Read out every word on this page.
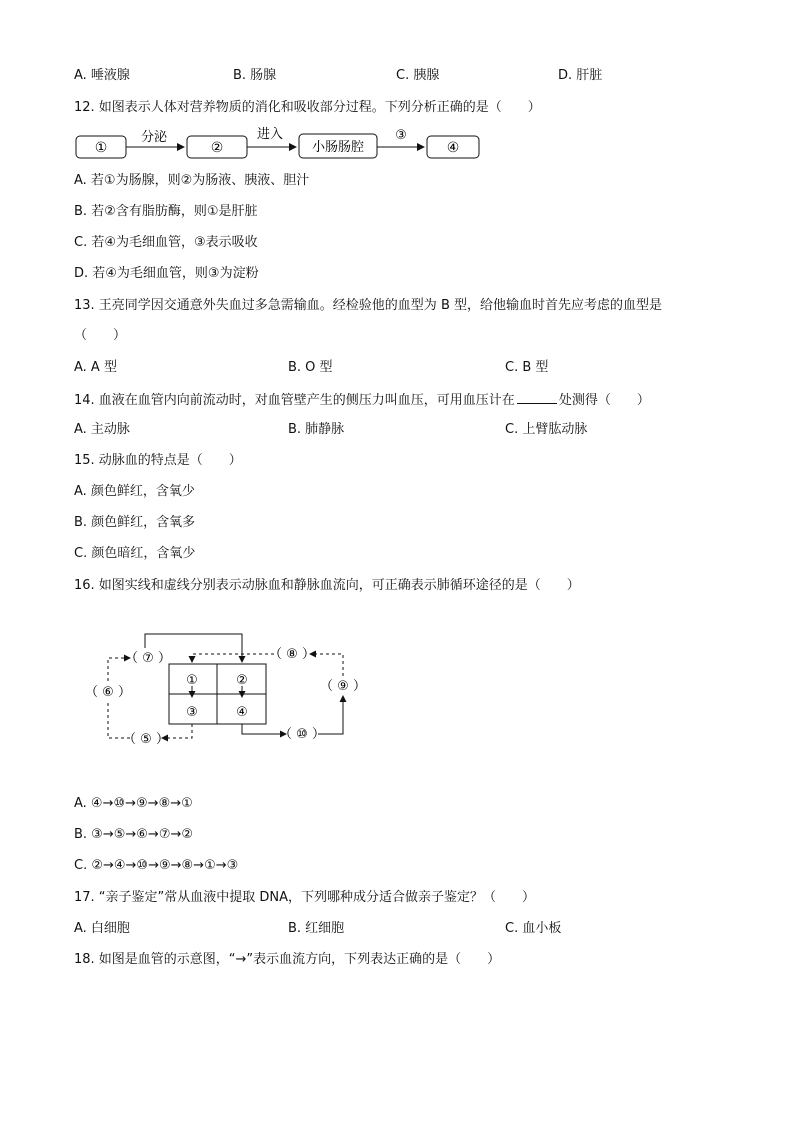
A. 唾液腺	B. 肠腺	C. 胰腺	D. 肝脏
12. 如图表示人体对营养物质的消化和吸收部分过程。下列分析正确的是（　　）
①
分泌
②
进入
小肠肠腔
③
④
A. 若①为肠腺，则②为肠液、胰液、胆汁
B. 若②含有脂肪酶，则①是肝脏
C. 若④为毛细血管，③表示吸收
D. 若④为毛细血管，则③为淀粉
13. 王亮同学因交通意外失血过多急需输血。经检验他的血型为 B 型，给他输血时首先应考虑的血型是
（　　）
A. A 型	B. O 型	C. B 型
14. 血液在血管内向前流动时，对血管壁产生的侧压力叫血压，可用血压计在	处测得（　　）
A. 主动脉	B. 肺静脉	C. 上臂肱动脉
15. 动脉血的特点是（　　）
A. 颜色鲜红，含氧少
B. 颜色鲜红，含氧多
C. 颜色暗红，含氧少
16. 如图实线和虚线分别表示动脉血和静脉血流向，可正确表示肺循环途径的是（　　）
①	②
③	④
（ ⑦ ）
（ ⑥ ）
（ ⑤ ）
（ ⑧ ）
（ ⑨ ）
（ ⑩ ）
A. ④→⑩→⑨→⑧→①
B. ③→⑤→⑥→⑦→②
C. ②→④→⑩→⑨→⑧→①→③
17. “亲子鉴定”常从血液中提取 DNA，下列哪种成分适合做亲子鉴定？（　　）
A. 白细胞	B. 红细胞	C. 血小板
18. 如图是血管的示意图，“→”表示血流方向，下列表达正确的是（　　）
